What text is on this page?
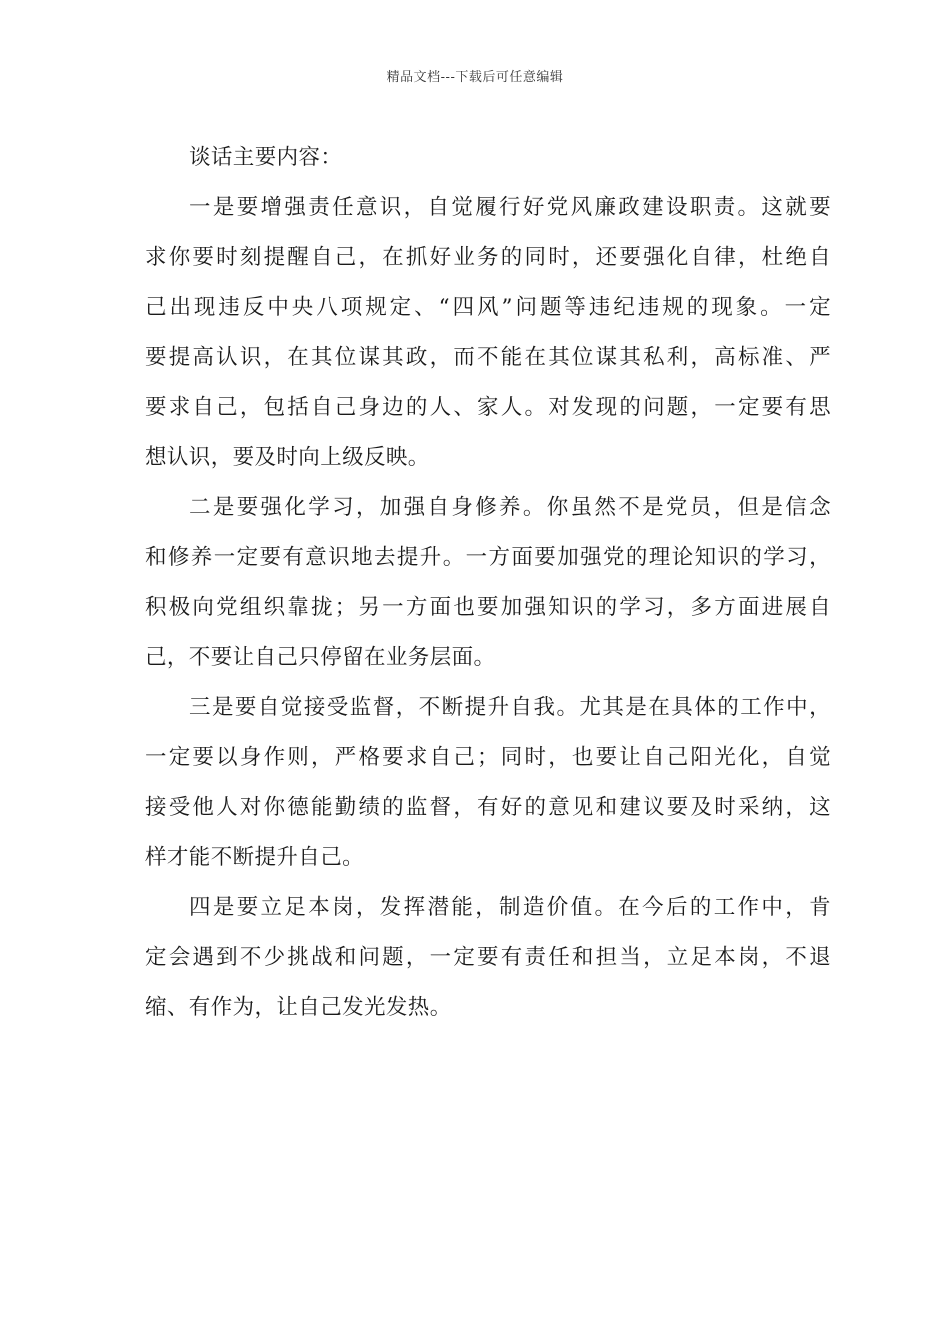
精品文档---下载后可任意编辑
谈话主要内容：
一是要增强责任意识，自觉履行好党风廉政建设职责。这就要
求你要时刻提醒自己，在抓好业务的同时，还要强化自律，杜绝自
己出现违反中央八项规定、“四风”问题等违纪违规的现象。一定
要提高认识，在其位谋其政，而不能在其位谋其私利，高标准、严
要求自己，包括自己身边的人、家人。对发现的问题，一定要有思
想认识，要及时向上级反映。
二是要强化学习，加强自身修养。你虽然不是党员，但是信念
和修养一定要有意识地去提升。一方面要加强党的理论知识的学习，
积极向党组织靠拢；另一方面也要加强知识的学习，多方面进展自
己，不要让自己只停留在业务层面。
三是要自觉接受监督，不断提升自我。尤其是在具体的工作中，
一定要以身作则，严格要求自己；同时，也要让自己阳光化，自觉
接受他人对你德能勤绩的监督，有好的意见和建议要及时采纳，这
样才能不断提升自己。
四是要立足本岗，发挥潜能，制造价值。在今后的工作中，肯
定会遇到不少挑战和问题，一定要有责任和担当，立足本岗，不退
缩、有作为，让自己发光发热。
